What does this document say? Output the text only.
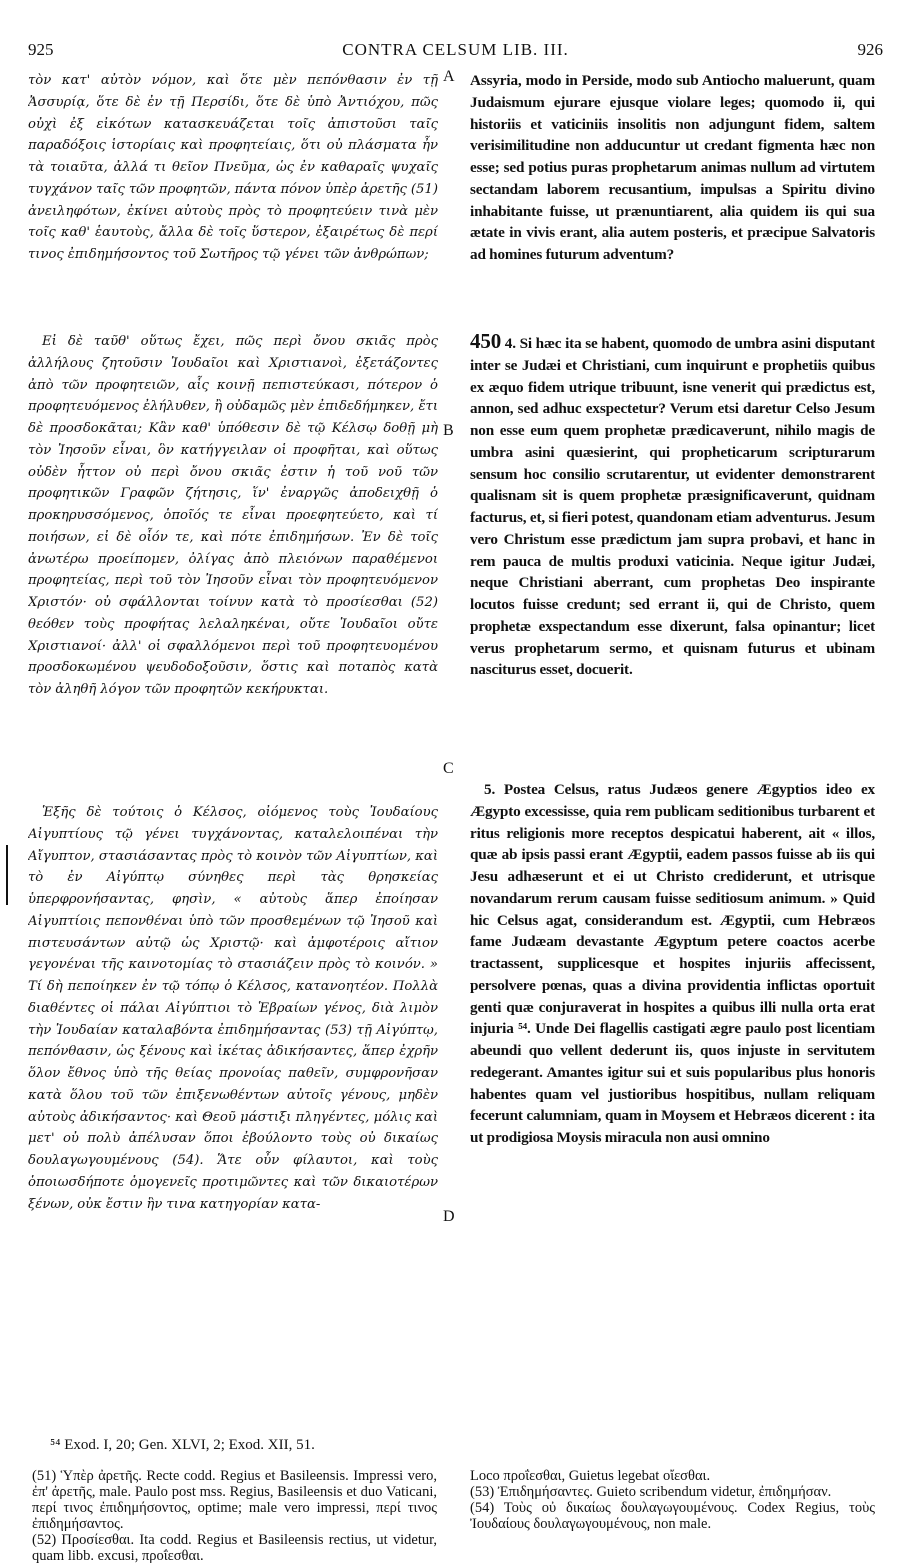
925	CONTRA CELSUM LIB. III.	926

τὸν κατ' αὐτὸν νόμον, καὶ ὅτε μὲν πεπόνθασιν ἐν τῇ Ἀσσυρίᾳ, ὅτε δὲ ἐν τῇ Περσίδι, ὅτε δὲ ὑπὸ Ἀντιόχου, πῶς οὐχὶ ἐξ εἰκότων κατασκευάζεται τοῖς ἀπιστοῦσι ταῖς παραδόξοις ἱστορίαις καὶ προφητείαις, ὅτι οὐ πλάσματα ἦν τὰ τοιαῦτα, ἀλλά τι θεῖον Πνεῦμα, ὡς ἐν καθαραῖς ψυχαῖς τυγχάνον ταῖς τῶν προφητῶν, πάντα πόνον ὑπὲρ ἀρετῆς (51) ἀνειληφότων, ἐκίνει αὐτοὺς πρὸς τὸ προφητεύειν τινὰ μὲν τοῖς καθ' ἑαυτοὺς, ἄλλα δὲ τοῖς ὕστερον, ἐξαιρέτως δὲ περί τινος ἐπιδημήσοντος τοῦ Σωτῆρος τῷ γένει τῶν ἀνθρώπων;

Εἰ δὲ ταῦθ' οὕτως ἔχει, πῶς περὶ ὄνου σκιᾶς πρὸς ἀλλήλους ζητοῦσιν Ἰουδαῖοι καὶ Χριστιανοὶ, ἐξετάζοντες ἀπὸ τῶν προφητειῶν, αἷς κοινῇ πεπιστεύκασι, πότερον ὁ προφητευόμενος ἐλήλυθεν, ἢ οὐδαμῶς μὲν ἐπιδεδήμηκεν, ἔτι δὲ προσδοκᾶται; Κἂν καθ' ὑπόθεσιν δὲ τῷ Κέλσῳ δοθῇ μὴ τὸν Ἰησοῦν εἶναι, ὃν κατήγγειλαν οἱ προφῆται, καὶ οὕτως οὐδὲν ἧττον οὐ περὶ ὄνου σκιᾶς ἐστιν ἡ τοῦ νοῦ τῶν προφητικῶν Γραφῶν ζήτησις, ἵν' ἐναργῶς ἀποδειχθῇ ὁ προκηρυσσόμενος, ὁποῖός τε εἶναι προεφητεύετο, καὶ τί ποιήσων, εἰ δὲ οἷόν τε, καὶ πότε ἐπιδημήσων. Ἐν δὲ τοῖς ἀνωτέρω προείπομεν, ὀλίγας ἀπὸ πλειόνων παραθέμενοι προφητείας, περὶ τοῦ τὸν Ἰησοῦν εἶναι τὸν προφητευόμενον Χριστόν· οὐ σφάλλονται τοίνυν κατὰ τὸ προσίεσθαι (52) θεόθεν τοὺς προφήτας λελαληκέναι, οὔτε Ἰουδαῖοι οὔτε Χριστιανοί· ἀλλ' οἱ σφαλλόμενοι περὶ τοῦ προφητευομένου προσδοκωμένου ψευδοδοξοῦσιν, ὅστις καὶ ποταπὸς κατὰ τὸν ἀληθῆ λόγον τῶν προφητῶν κεκήρυκται.

Ἑξῆς δὲ τούτοις ὁ Κέλσος, οἰόμενος τοὺς Ἰουδαίους Αἰγυπτίους τῷ γένει τυγχάνοντας, καταλελοιπέναι τὴν Αἴγυπτον, στασιάσαντας πρὸς τὸ κοινὸν τῶν Αἰγυπτίων, καὶ τὸ ἐν Αἰγύπτῳ σύνηθες περὶ τὰς θρησκείας ὑπερφρονήσαντας, φησὶν, « αὐτοὺς ἅπερ ἐποίησαν Αἰγυπτίοις πεπονθέναι ὑπὸ τῶν προσθεμένων τῷ Ἰησοῦ καὶ πιστευσάντων αὐτῷ ὡς Χριστῷ· καὶ ἀμφοτέροις αἴτιον γεγονέναι τῆς καινοτομίας τὸ στασιάζειν πρὸς τὸ κοινόν. » Τί δὴ πεποίηκεν ἐν τῷ τόπῳ ὁ Κέλσος, κατανοητέον. Πολλὰ διαθέντες οἱ πάλαι Αἰγύπτιοι τὸ Ἑβραίων γένος, διὰ λιμὸν τὴν Ἰουδαίαν καταλαβόντα ἐπιδημήσαντας (53) τῇ Αἰγύπτῳ, πεπόνθασιν, ὡς ξένους καὶ ἱκέτας ἀδικήσαντες, ἅπερ ἐχρῆν ὅλον ἔθνος ὑπὸ τῆς θείας προνοίας παθεῖν, συμφρονῆσαν κατὰ ὅλου τοῦ τῶν ἐπιξενωθέντων αὐτοῖς γένους, μηδὲν αὐτοὺς ἀδικήσαντος· καὶ Θεοῦ μάστιξι πληγέντες, μόλις καὶ μετ' οὐ πολὺ ἀπέλυσαν ὅποι ἐβούλοντο τοὺς οὐ δικαίως δουλαγωγουμένους (54). Ἅτε οὖν φίλαυτοι, καὶ τοὺς ὁποιωσδήποτε ὁμογενεῖς προτιμῶντες καὶ τῶν δικαιοτέρων ξένων, οὐκ ἔστιν ἣν τινα κατηγορίαν κατα-

A
B
C
D

Assyria, modo in Perside, modo sub Antiocho maluerunt, quam Judaismum ejurare ejusque violare leges; quomodo ii, qui historiis et vaticiniis insolitis non adjungunt fidem, saltem verisimilitudine non adducuntur ut credant figmenta hæc non esse; sed potius puras prophetarum animas nullum ad virtutem sectandam laborem recusantium, impulsas a Spiritu divino inhabitante fuisse, ut prænuntiarent, alia quidem iis qui sua ætate in vivis erant, alia autem posteris, et præcipue Salvatoris ad homines futurum adventum?

450 4. Si hæc ita se habent, quomodo de umbra asini disputant inter se Judæi et Christiani, cum inquirunt e prophetiis quibus ex æquo fidem utrique tribuunt, isne venerit qui prædictus est, annon, sed adhuc exspectetur? Verum etsi daretur Celso Jesum non esse eum quem prophetæ prædicaverunt, nihilo magis de umbra asini quæsierint, qui propheticarum scripturarum sensum hoc consilio scrutarentur, ut evidenter demonstrarent qualisnam sit is quem prophetæ præsignificaverunt, quidnam facturus, et, si fieri potest, quandonam etiam adventurus. Jesum vero Christum esse prædictum jam supra probavi, et hanc in rem pauca de multis produxi vaticinia. Neque igitur Judæi, neque Christiani aberrant, cum prophetas Deo inspirante locutos fuisse credunt; sed errant ii, qui de Christo, quem prophetæ exspectandum esse dixerunt, falsa opinantur; licet verus prophetarum sermo, et quisnam futurus et ubinam nasciturus esset, docuerit.

5. Postea Celsus, ratus Judæos genere Ægyptios ideo ex Ægypto excessisse, quia rem publicam seditionibus turbarent et ritus religionis more receptos despicatui haberent, ait « illos, quæ ab ipsis passi erant Ægyptii, eadem passos fuisse ab iis qui Jesu adhæserunt et ei ut Christo crediderunt, et utrisque novandarum rerum causam fuisse seditiosum animum. » Quid hic Celsus agat, considerandum est. Ægyptii, cum Hebræos fame Judæam devastante Ægyptum petere coactos acerbe tractassent, supplicesque et hospites injuriis affecissent, persolvere pœnas, quas a divina providentia inflictas oportuit genti quæ conjuraverat in hospites a quibus illi nulla orta erat injuria ⁵⁴. Unde Dei flagellis castigati ægre paulo post licentiam abeundi quo vellent dederunt iis, quos injuste in servitutem redegerant. Amantes igitur sui et suis popularibus plus honoris habentes quam vel justioribus hospitibus, nullam reliquam fecerunt calumniam, quam in Moysem et Hebræos dicerent : ita ut prodigiosa Moysis miracula non ausi omnino

⁵⁴ Exod. I, 20; Gen. XLVI, 2; Exod. XII, 51.

(51) Ὑπὲρ ἀρετῆς. Recte codd. Regius et Basileensis. Impressi vero, ἐπ' ἀρετῆς, male. Paulo post mss. Regius, Basileensis et duo Vaticani, περί τινος ἐπιδημήσοντος, optime; male vero impressi, περί τινος ἐπιδημήσαντος.

(52) Προσίεσθαι. Ita codd. Regius et Basileensis rectius, ut videtur, quam libb. excusi, προΐεσθαι.

Loco προΐεσθαι, Guietus legebat οἴεσθαι.

(53) Ἐπιδημήσαντες. Guieto scribendum videtur, ἐπιδημήσαν.

(54) Τοὺς οὐ δικαίως δουλαγωγουμένους. Codex Regius, τοὺς Ἰουδαίους δουλαγωγουμένους, non male.
